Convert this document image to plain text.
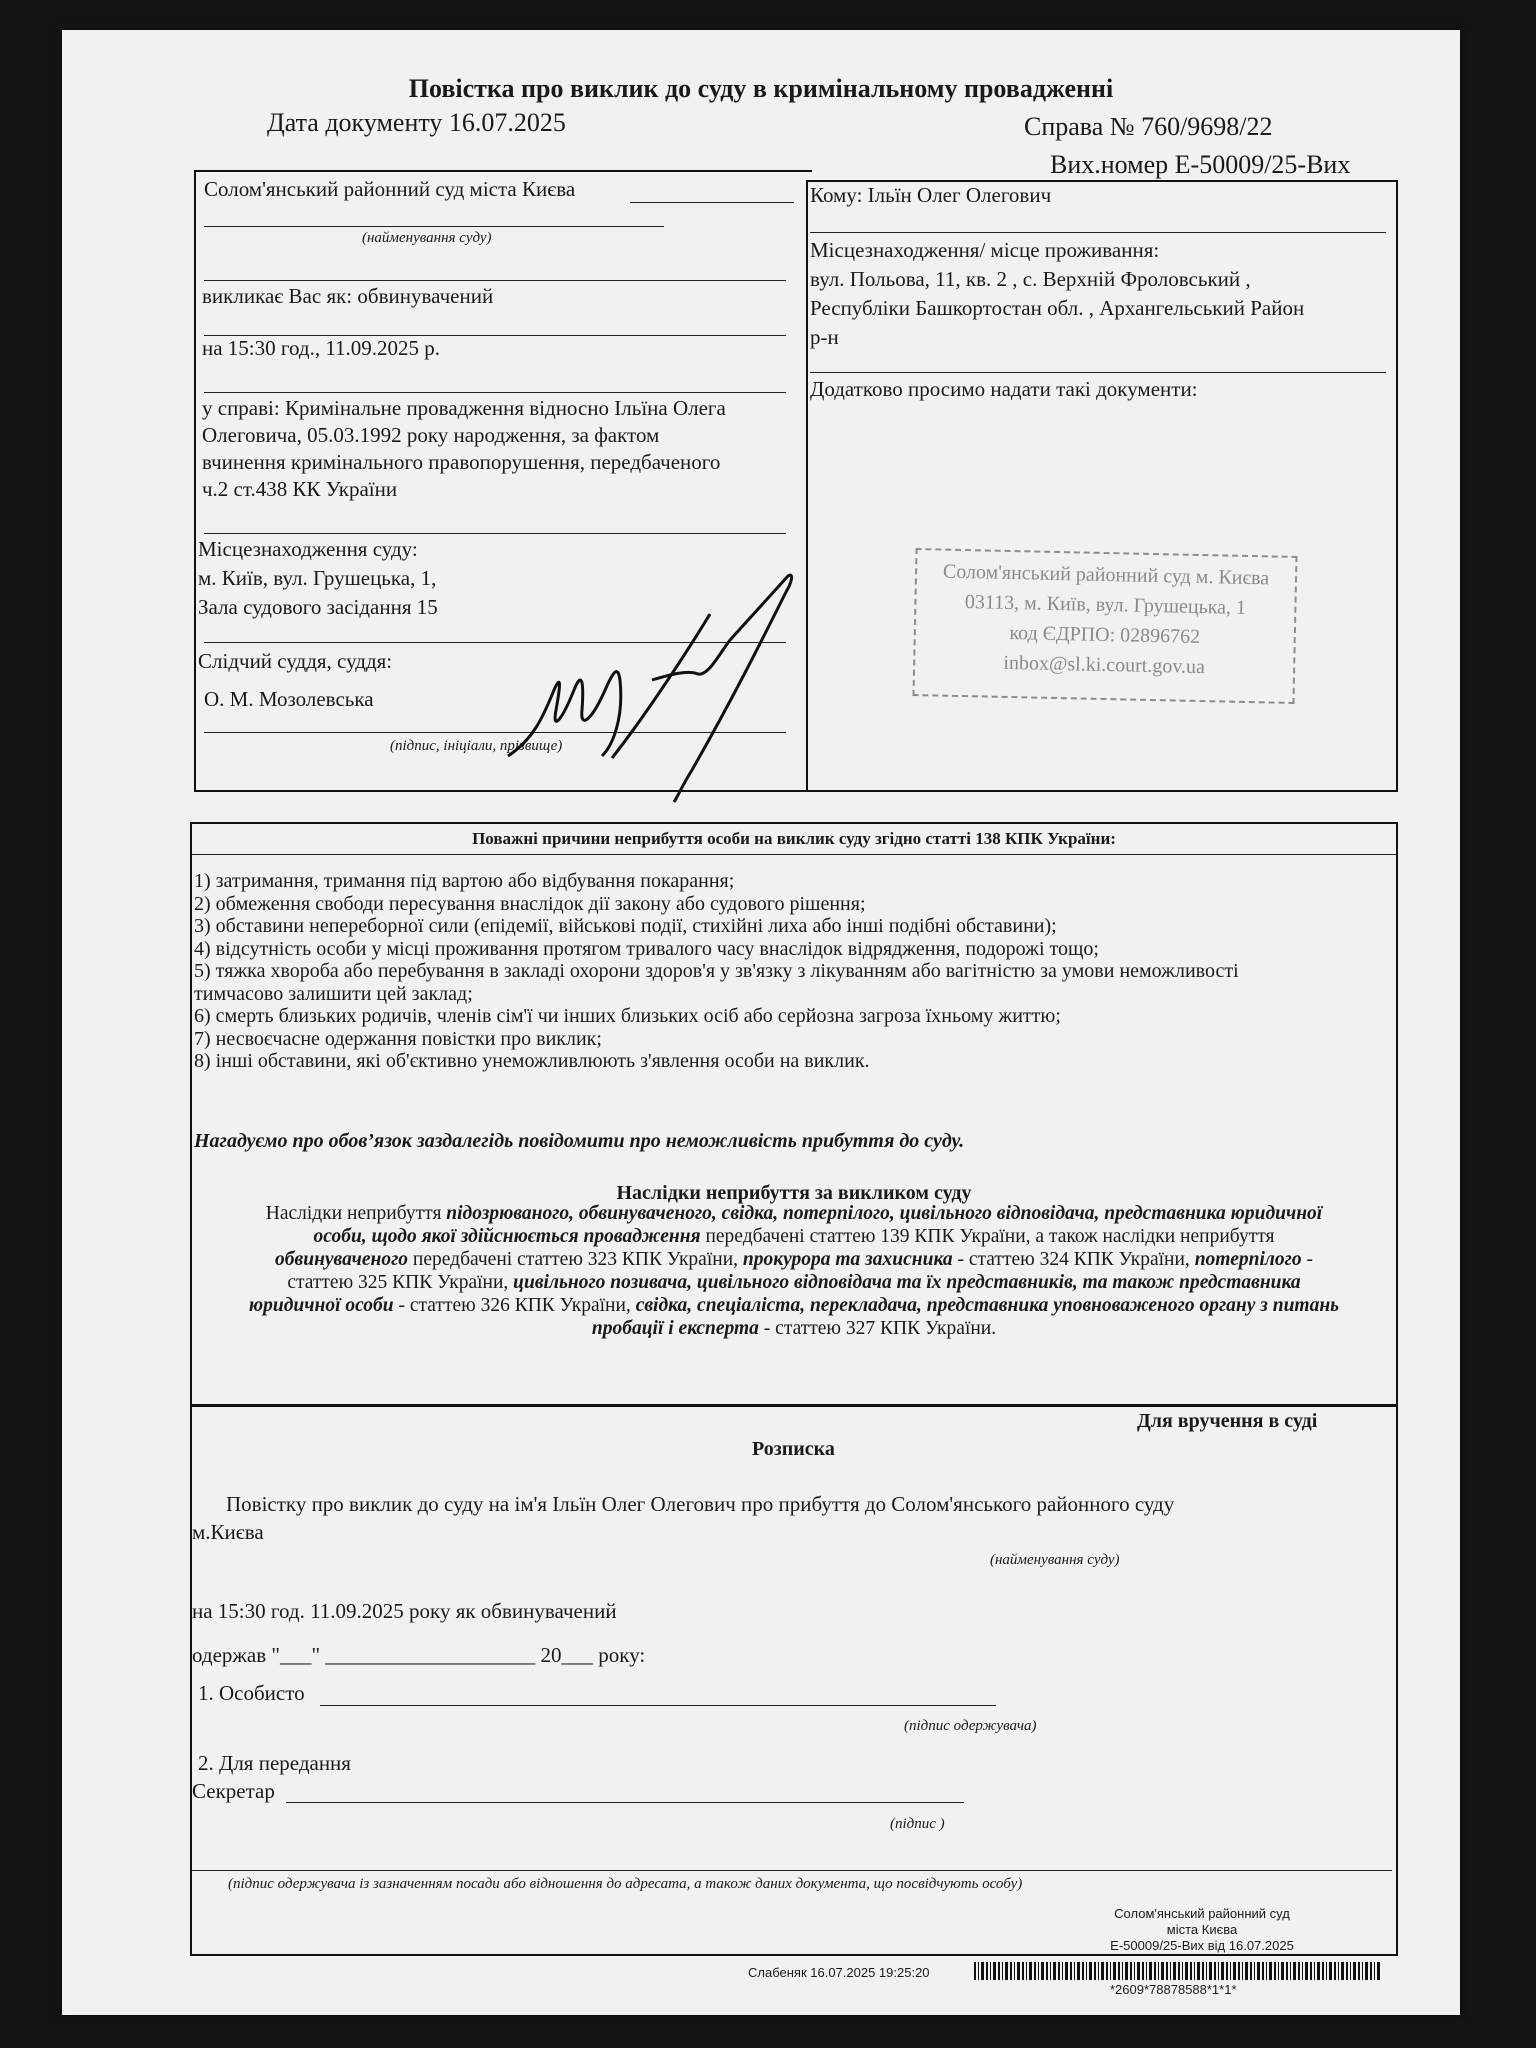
Повістка про виклик до суду в кримінальному провадженні
Дата документу 16.07.2025	Справа № 760/9698/22
Вих.номер Е-50009/25-Вих
Солом'янський районний суд міста Києва
(найменування суду)
викликає Вас як: обвинувачений
на 15:30 год., 11.09.2025 р.
у справі: Кримінальне провадження відносно Ільїна Олега
Олеговича, 05.03.1992 року народження, за фактом
вчинення кримінального правопорушення, передбаченого
ч.2 ст.438 КК України
Місцезнаходження суду:
м. Київ, вул. Грушецька, 1,
Зала судового засідання 15
Слідчий суддя, суддя:
О. М. Мозолевська
(підпис, ініціали, прізвище)
Кому: Ільїн Олег Олегович
Місцезнаходження/ місце проживання:
вул. Польова, 11, кв. 2 , с. Верхній Фроловський ,
Республіки Башкортостан обл. , Архангельський Район
р-н
Додатково просимо надати такі документи:
Солом'янський районний суд м. Києва
03113, м. Київ, вул. Грушецька, 1
код ЄДРПО: 02896762
inbox@sl.ki.court.gov.ua
Поважні причини неприбуття особи на виклик суду згідно статті 138 КПК України:
1) затримання, тримання під вартою або відбування покарання;
2) обмеження свободи пересування внаслідок дії закону або судового рішення;
3) обставини непереборної сили (епідемії, військові події, стихійні лиха або інші подібні обставини);
4) відсутність особи у місці проживання протягом тривалого часу внаслідок відрядження, подорожі тощо;
5) тяжка хвороба або перебування в закладі охорони здоров'я у зв'язку з лікуванням або вагітністю за умови неможливості
тимчасово залишити цей заклад;
6) смерть близьких родичів, членів сім'ї чи інших близьких осіб або серйозна загроза їхньому життю;
7) несвоєчасне одержання повістки про виклик;
8) інші обставини, які об'єктивно унеможливлюють з'явлення особи на виклик.
Нагадуємо про обов’язок заздалегідь повідомити про неможливість прибуття до суду.
Наслідки неприбуття за викликом суду
Наслідки неприбуття підозрюваного, обвинуваченого, свідка, потерпілого, цивільного відповідача, представника юридичної
особи, щодо якої здійснюється провадження передбачені статтею 139 КПК України, а також наслідки неприбуття
обвинуваченого передбачені статтею 323 КПК України, прокурора та захисника - статтею 324 КПК України, потерпілого -
статтею 325 КПК України, цивільного позивача, цивільного відповідача та їх представників, та також представника
юридичної особи - статтею 326 КПК України, свідка, спеціаліста, перекладача, представника уповноваженого органу з питань
пробації і експерта - статтею 327 КПК України.
Для вручення в суді
Розписка
Повістку про виклик до суду на ім'я Ільїн Олег Олегович про прибуття до Солом'янського районного суду
м.Києва
(найменування суду)
на 15:30 год. 11.09.2025 року як обвинувачений
одержав "___" ____________________ 20___ року:
1. Особисто
(підпис одержувача)
2. Для передання
Секретар
(підпис )
(підпис одержувача із зазначенням посади або відношення до адресата, а також даних документа, що посвідчують особу)
Солом'янський районний суд
міста Києва
Е-50009/25-Вих від 16.07.2025
Слабеняк 16.07.2025 19:25:20
*2609*78878588*1*1*
